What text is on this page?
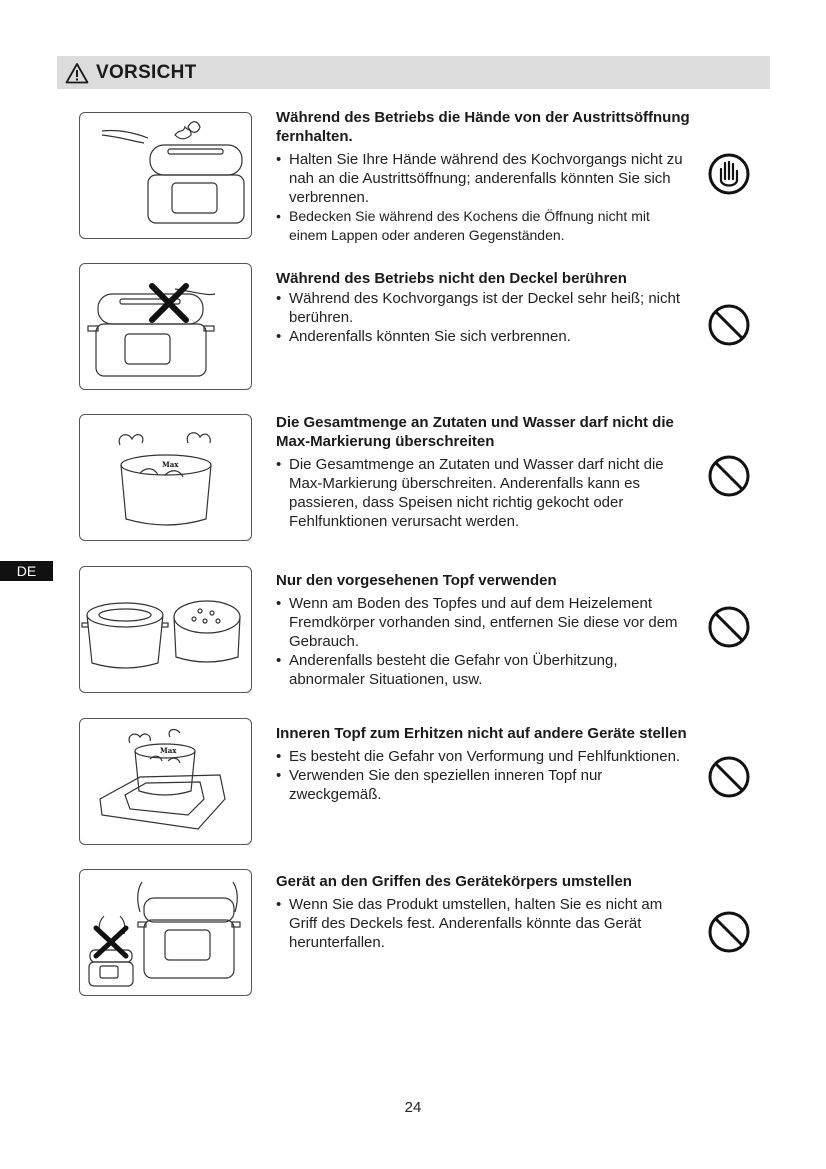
VORSICHT
DE

Während des Betriebs die Hände von der Austrittsöffnung fernhalten.

• Halten Sie Ihre Hände während des Kochvorgangs nicht zu nah an die Austrittsöffnung; anderenfalls könnten Sie sich verbrennen.

• Bedecken Sie während des Kochens die Öffnung nicht mit einem Lappen oder anderen Gegenständen.

Während des Betriebs nicht den Deckel berühren

• Während des Kochvorgangs ist der Deckel sehr heiß; nicht berühren.

• Anderenfalls könnten Sie sich verbrennen.

Max

Die Gesamtmenge an Zutaten und Wasser darf nicht die Max-Markierung überschreiten

• Die Gesamtmenge an Zutaten und Wasser darf nicht die Max-Markierung überschreiten. Anderenfalls kann es passieren, dass Speisen nicht richtig gekocht oder Fehlfunktionen verursacht werden.

Nur den vorgesehenen Topf verwenden

• Wenn am Boden des Topfes und auf dem Heizelement Fremdkörper vorhanden sind, entfernen Sie diese vor dem Gebrauch.

• Anderenfalls besteht die Gefahr von Überhitzung, abnormaler Situationen, usw.

Max

Inneren Topf zum Erhitzen nicht auf andere Geräte stellen

• Es besteht die Gefahr von Verformung und Fehlfunktionen.

• Verwenden Sie den speziellen inneren Topf nur zweckgemäß.

Gerät an den Griffen des Gerätekörpers umstellen

• Wenn Sie das Produkt umstellen, halten Sie es nicht am Griff des Deckels fest. Anderenfalls könnte das Gerät herunterfallen.

24
